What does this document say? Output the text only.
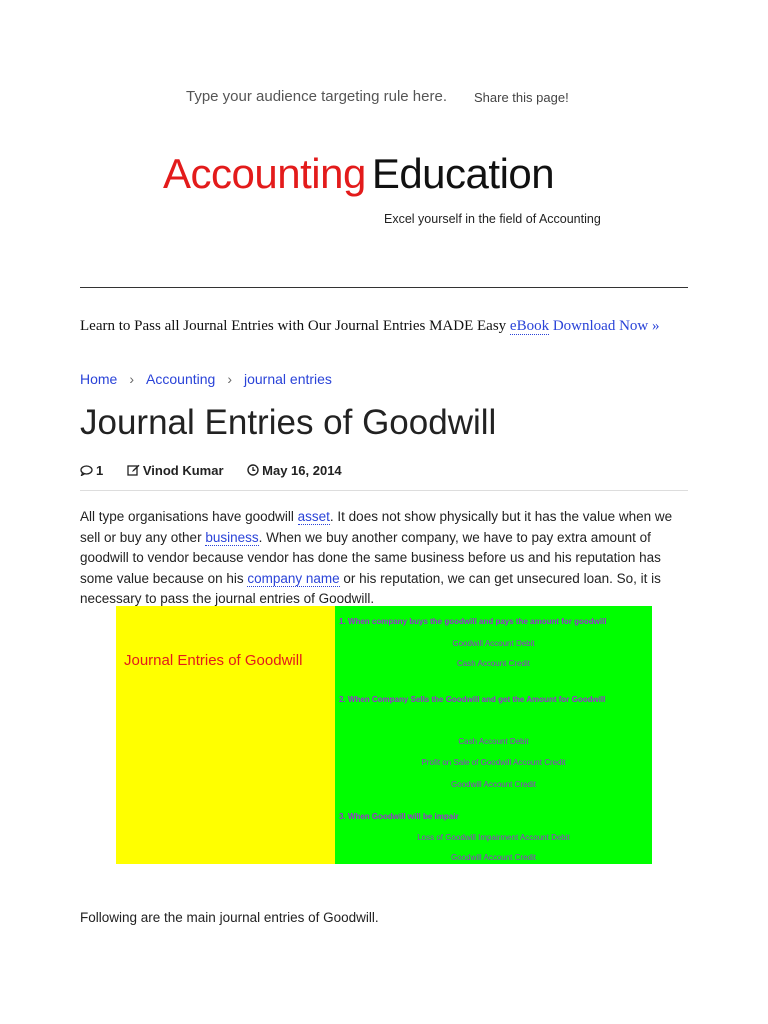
Type your audience targeting rule here. Share this page!
Accounting Education
Excel yourself in the field of Accounting
Learn to Pass all Journal Entries with Our Journal Entries MADE Easy eBook Download Now »
Home › Accounting › journal entries
Journal Entries of Goodwill
1	Vinod Kumar	May 16, 2014
All type organisations have goodwill asset. It does not show physically but it has the value when we sell or buy any other business. When we buy another company, we have to pay extra amount of goodwill to vendor because vendor has done the same business before us and his reputation has some value because on his company name or his reputation, we can get unsecured loan. So, it is necessary to pass the journal entries of Goodwill.
Journal Entries of Goodwill
1. When company buys the goodwill and pays the amount for goodwill
Goodwill Account Debit
Cash Account Credit
2. When Company Sells the Goodwill and get the Amount for Goodwill
Cash Account Debit
Profit on Sale of Goodwill Account Credit
Goodwill Account Credit
3. When Goodwill will be impair
Loss of Goodwill Impairment Account Debit
Goodwill Account Credit
Following are the main journal entries of Goodwill.
